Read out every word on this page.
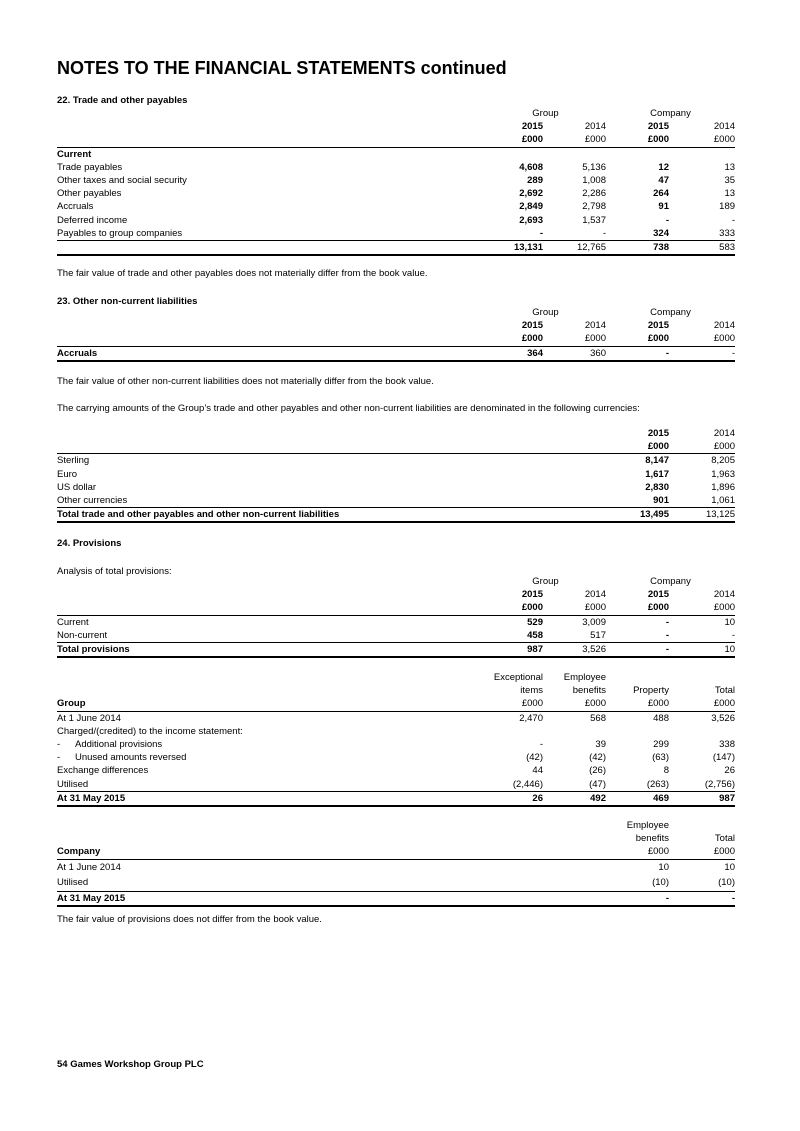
NOTES TO THE FINANCIAL STATEMENTS continued
22. Trade and other payables
	Group		Company	
	2015	2014	2015	2014
	£000	£000	£000	£000
Current				
Trade payables	4,608	5,136	12	13
Other taxes and social security	289	1,008	47	35
Other payables	2,692	2,286	264	13
Accruals	2,849	2,798	91	189
Deferred income	2,693	1,537	-	-
Payables to group companies	-	-	324	333
	13,131	12,765	738	583
The fair value of trade and other payables does not materially differ from the book value.
23. Other non-current liabilities
	Group		Company	
	2015	2014	2015	2014
	£000	£000	£000	£000
Accruals	364	360	-	-
The fair value of other non-current liabilities does not materially differ from the book value.
The carrying amounts of the Group’s trade and other payables and other non-current liabilities are denominated in the following currencies:
	2015	2014
	£000	£000
Sterling	8,147	8,205
Euro	1,617	1,963
US dollar	2,830	1,896
Other currencies	901	1,061
Total trade and other payables and other non-current liabilities	13,495	13,125
24. Provisions
Analysis of total provisions:
	Group		Company	
	2015	2014	2015	2014
	£000	£000	£000	£000
Current	529	3,009	-	10
Non-current	458	517	-	-
Total provisions	987	3,526	-	10
	Exceptional	Employee		
	items	benefits	Property	Total
Group	£000	£000	£000	£000
At 1 June 2014	2,470	568	488	3,526
Charged/(credited) to the income statement:				
- Additional provisions	-	39	299	338
- Unused amounts reversed	(42)	(42)	(63)	(147)
Exchange differences	44	(26)	8	26
Utilised	(2,446)	(47)	(263)	(2,756)
At 31 May 2015	26	492	469	987
	Employee	
	benefits	Total
Company	£000	£000
At 1 June 2014	10	10
Utilised	(10)	(10)
At 31 May 2015	-	-
The fair value of provisions does not differ from the book value.
54 Games Workshop Group PLC
